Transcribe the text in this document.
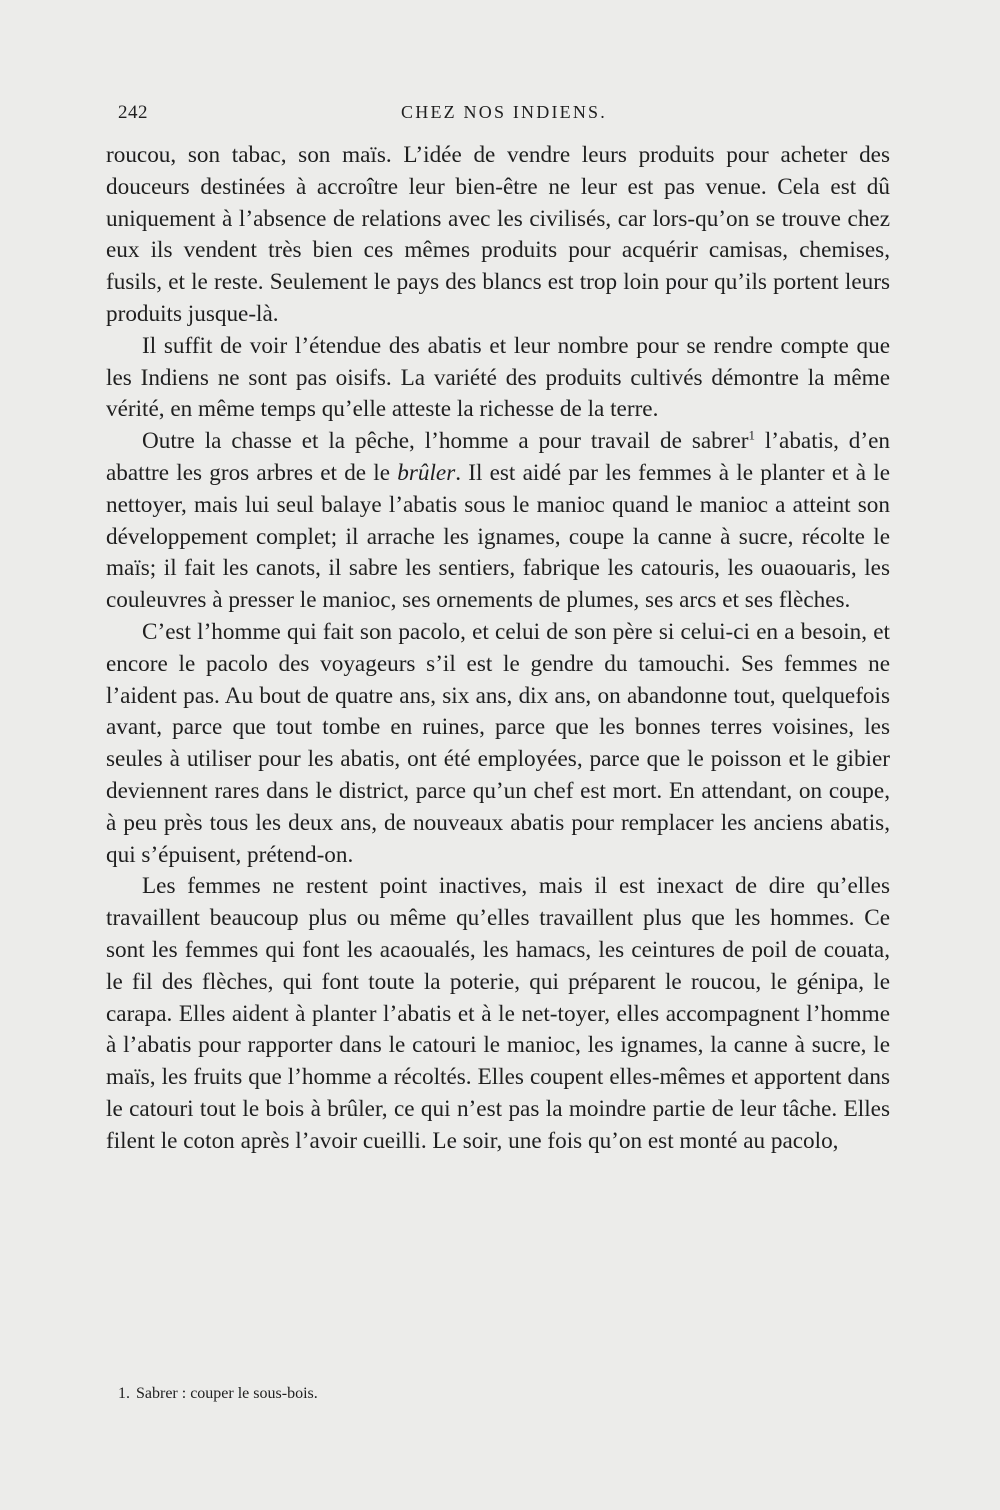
242	CHEZ NOS INDIENS.

roucou, son tabac, son maïs. L’idée de vendre leurs produits pour acheter des douceurs destinées à accroître leur bien-être ne leur est pas venue. Cela est dû uniquement à l’absence de relations avec les civilisés, car lors-qu’on se trouve chez eux ils vendent très bien ces mêmes produits pour acquérir camisas, chemises, fusils, et le reste. Seulement le pays des blancs est trop loin pour qu’ils portent leurs produits jusque-là.

Il suffit de voir l’étendue des abatis et leur nombre pour se rendre compte que les Indiens ne sont pas oisifs. La variété des produits cultivés démontre la même vérité, en même temps qu’elle atteste la richesse de la terre.

Outre la chasse et la pêche, l’homme a pour travail de sabrer$^1$ l’abatis, d’en abattre les gros arbres et de le brûler. Il est aidé par les femmes à le planter et à le nettoyer, mais lui seul balaye l’abatis sous le manioc quand le manioc a atteint son développement complet; il arrache les ignames, coupe la canne à sucre, récolte le maïs; il fait les canots, il sabre les sentiers, fabrique les catouris, les ouaouaris, les couleuvres à presser le manioc, ses ornements de plumes, ses arcs et ses flèches.

C’est l’homme qui fait son pacolo, et celui de son père si celui-ci en a besoin, et encore le pacolo des voyageurs s’il est le gendre du tamouchi. Ses femmes ne l’aident pas. Au bout de quatre ans, six ans, dix ans, on abandonne tout, quelquefois avant, parce que tout tombe en ruines, parce que les bonnes terres voisines, les seules à utiliser pour les abatis, ont été employées, parce que le poisson et le gibier deviennent rares dans le district, parce qu’un chef est mort. En attendant, on coupe, à peu près tous les deux ans, de nouveaux abatis pour remplacer les anciens abatis, qui s’épuisent, prétend-on.

Les femmes ne restent point inactives, mais il est inexact de dire qu’elles travaillent beaucoup plus ou même qu’elles travaillent plus que les hommes. Ce sont les femmes qui font les acaoualés, les hamacs, les ceintures de poil de couata, le fil des flèches, qui font toute la poterie, qui préparent le roucou, le génipa, le carapa. Elles aident à planter l’abatis et à le net-toyer, elles accompagnent l’homme à l’abatis pour rapporter dans le catouri le manioc, les ignames, la canne à sucre, le maïs, les fruits que l’homme a récoltés. Elles coupent elles-mêmes et apportent dans le catouri tout le bois à brûler, ce qui n’est pas la moindre partie de leur tâche. Elles filent le coton après l’avoir cueilli. Le soir, une fois qu’on est monté au pacolo,

1. Sabrer : couper le sous-bois.
